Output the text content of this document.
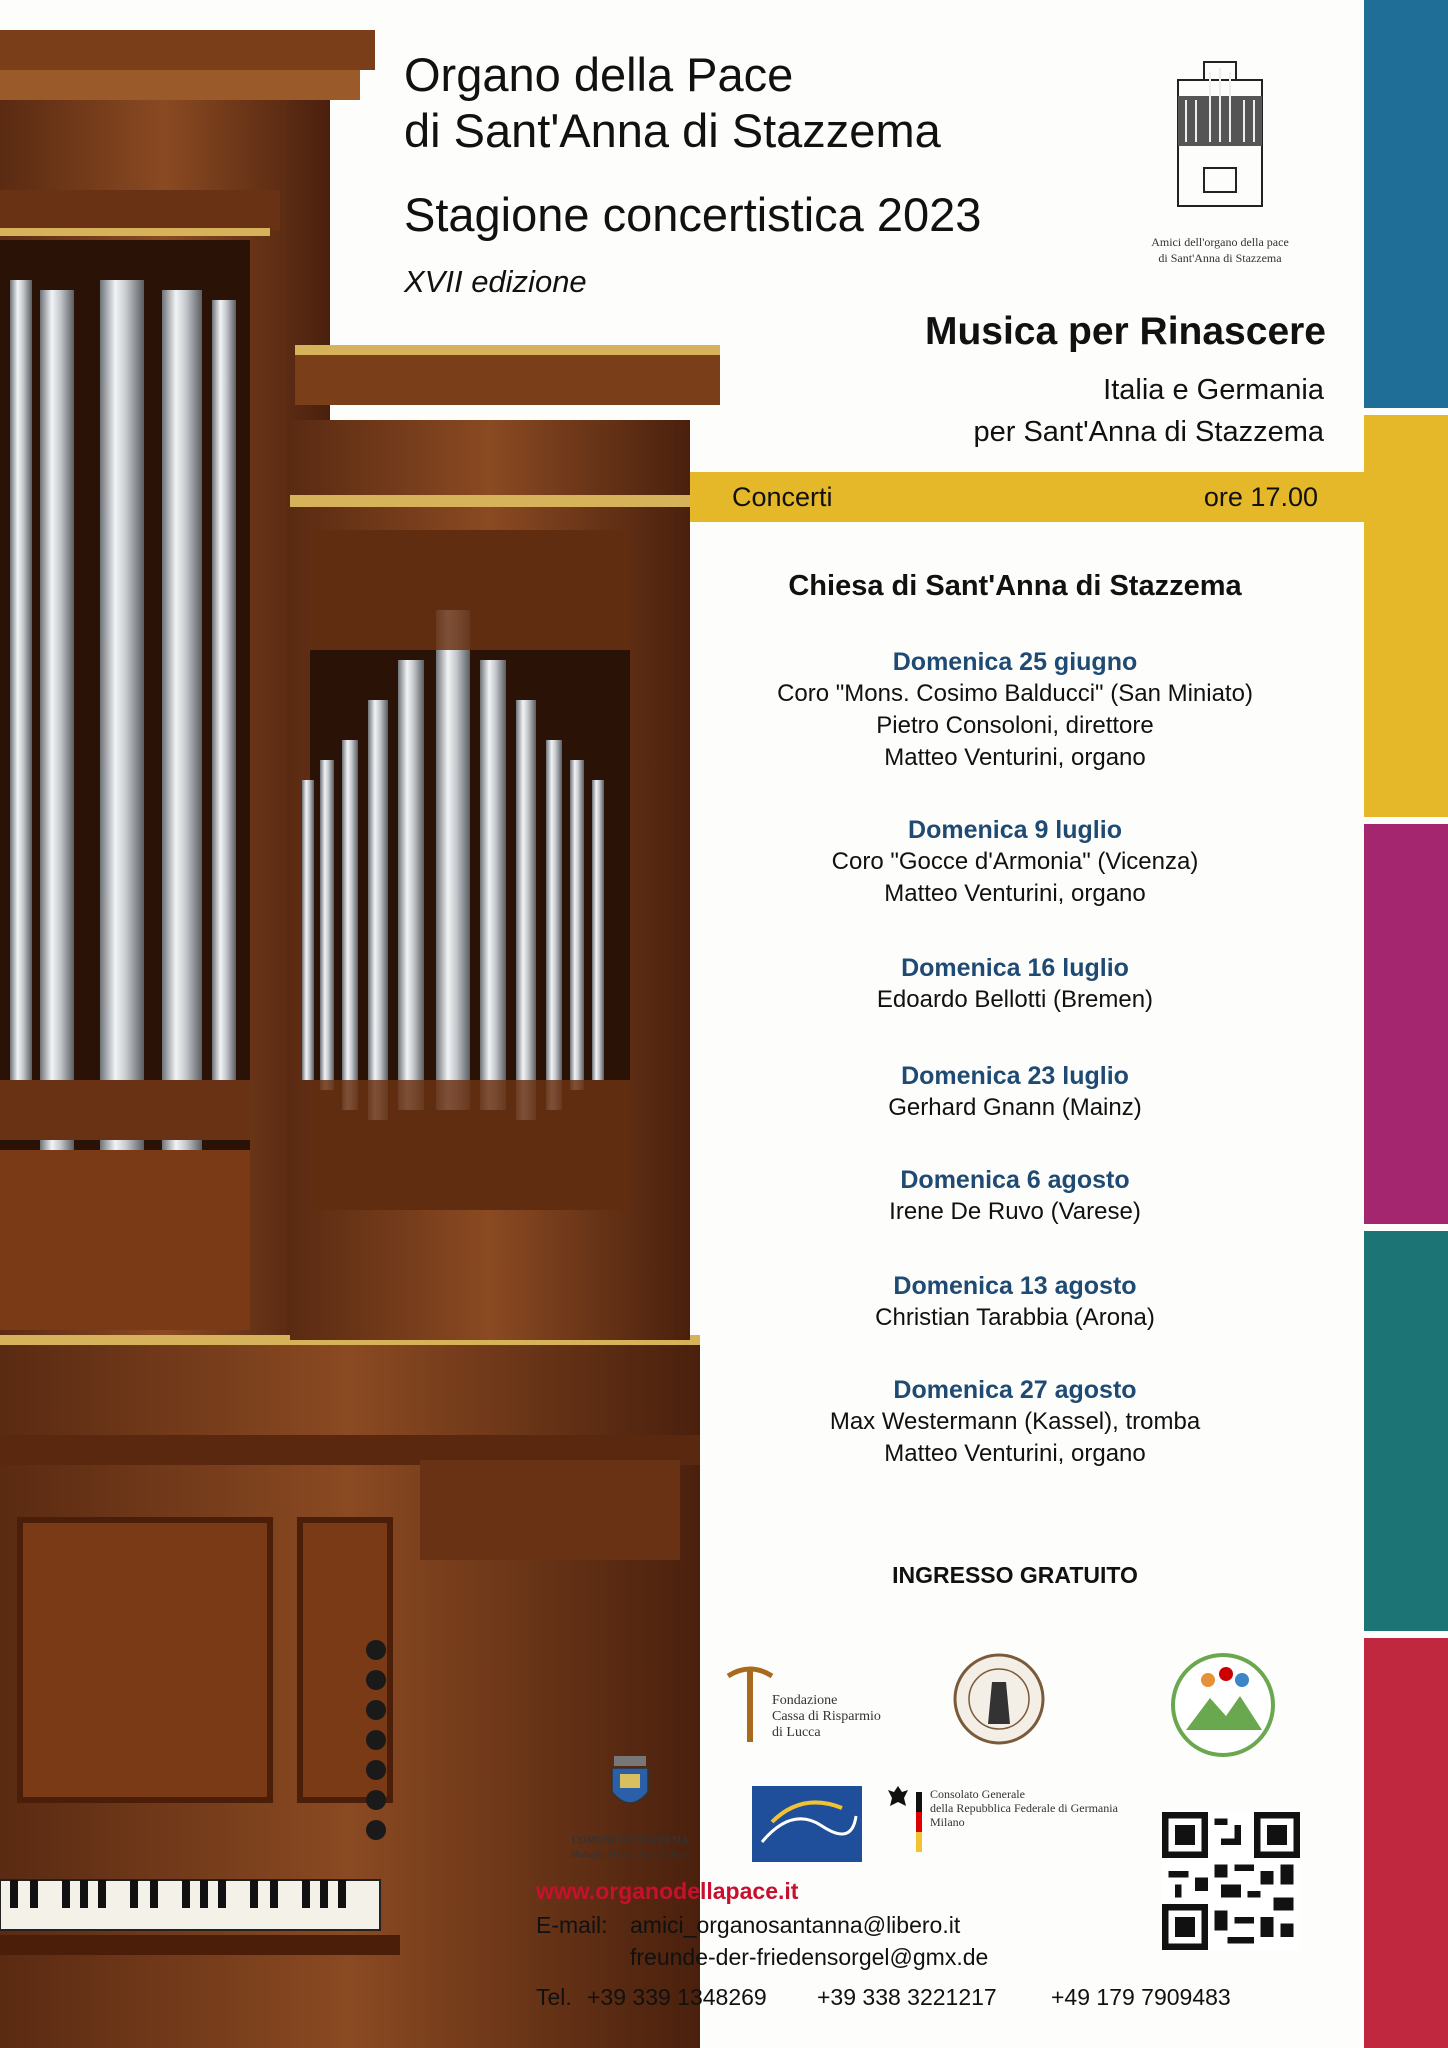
Concerti	ore 17.00
Organo della Pace
di Sant'Anna di Stazzema
Stagione concertistica 2023
XVII edizione
Amici dell'organo della pace
di Sant'Anna di Stazzema
Musica per Rinascere
Italia e Germania
per Sant'Anna di Stazzema
Chiesa di Sant'Anna di Stazzema
Domenica 25 giugno
Coro "Mons. Cosimo Balducci" (San Miniato)
Pietro Consoloni, direttore
Matteo Venturini, organo
Domenica 9 luglio
Coro "Gocce d'Armonia" (Vicenza)
Matteo Venturini, organo
Domenica 16 luglio
Edoardo Bellotti (Bremen)
Domenica 23 luglio
Gerhard Gnann (Mainz)
Domenica 6 agosto
Irene De Ruvo (Varese)
Domenica 13 agosto
Christian Tarabbia (Arona)
Domenica 27 agosto
Max Westermann (Kassel), tromba
Matteo Venturini, organo
INGRESSO GRATUITO
Fondazione
Cassa di Risparmio
di Lucca
COMUNE DI STAZZEMA
Medaglia d'Oro al Valor Militare
Consolato Generale
della Repubblica Federale di Germania
Milano
www.organodellapace.it
E-mail: amici_organosantanna@libero.it
freunde-der-friedensorgel@gmx.de
Tel. +39 339 1348269 +39 338 3221217 +49 179 7909483
